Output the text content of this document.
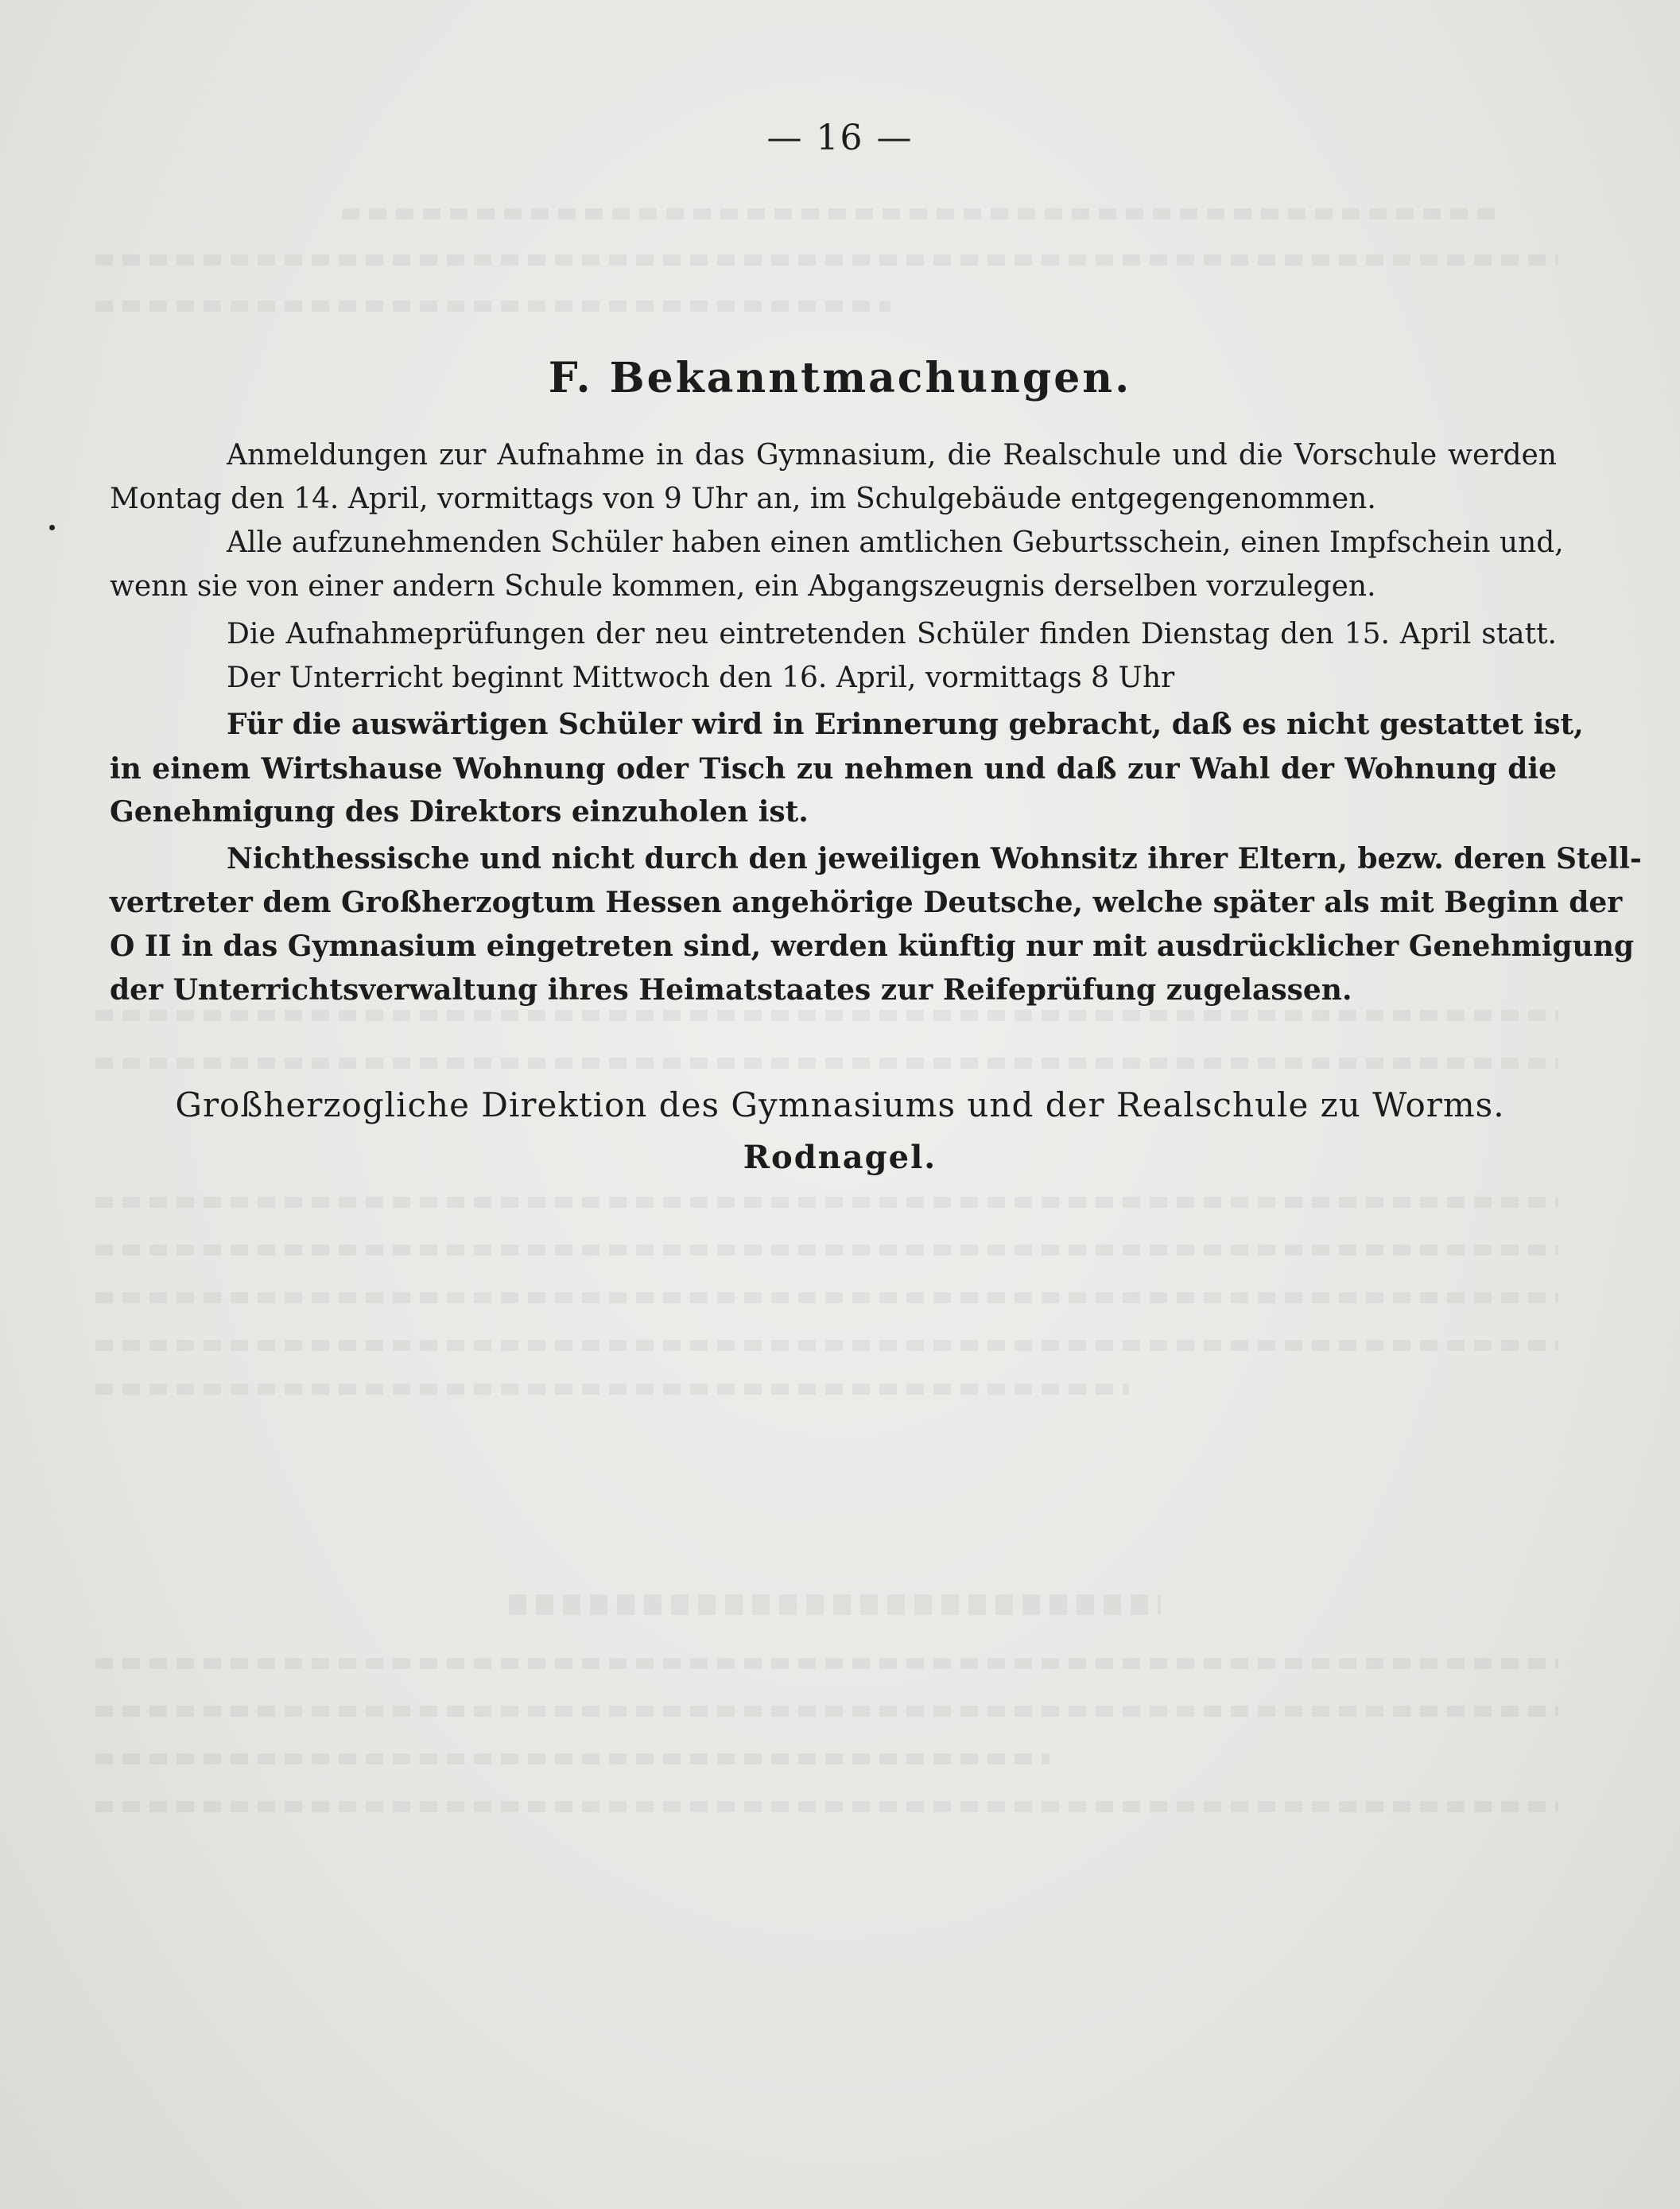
— 16 —
F. Bekanntmachungen.
Anmeldungen zur Aufnahme in das Gymnasium, die Realschule und die Vorschule werden
Montag den 14. April, vormittags von 9 Uhr an, im Schulgebäude entgegengenommen.
Alle aufzunehmenden Schüler haben einen amtlichen Geburtsschein, einen Impfschein und,
wenn sie von einer andern Schule kommen, ein Abgangszeugnis derselben vorzulegen.
Die Aufnahmeprüfungen der neu eintretenden Schüler finden Dienstag den 15. April statt.
Der Unterricht beginnt Mittwoch den 16. April, vormittags 8 Uhr
Für die auswärtigen Schüler wird in Erinnerung gebracht, daß es nicht gestattet ist,
in einem Wirtshause Wohnung oder Tisch zu nehmen und daß zur Wahl der Wohnung die
Genehmigung des Direktors einzuholen ist.
Nichthessische und nicht durch den jeweiligen Wohnsitz ihrer Eltern, bezw. deren Stell-
vertreter dem Großherzogtum Hessen angehörige Deutsche, welche später als mit Beginn der
O II in das Gymnasium eingetreten sind, werden künftig nur mit ausdrücklicher Genehmigung
der Unterrichtsverwaltung ihres Heimatstaates zur Reifeprüfung zugelassen.
Großherzogliche Direktion des Gymnasiums und der Realschule zu Worms.
Rodnagel.
